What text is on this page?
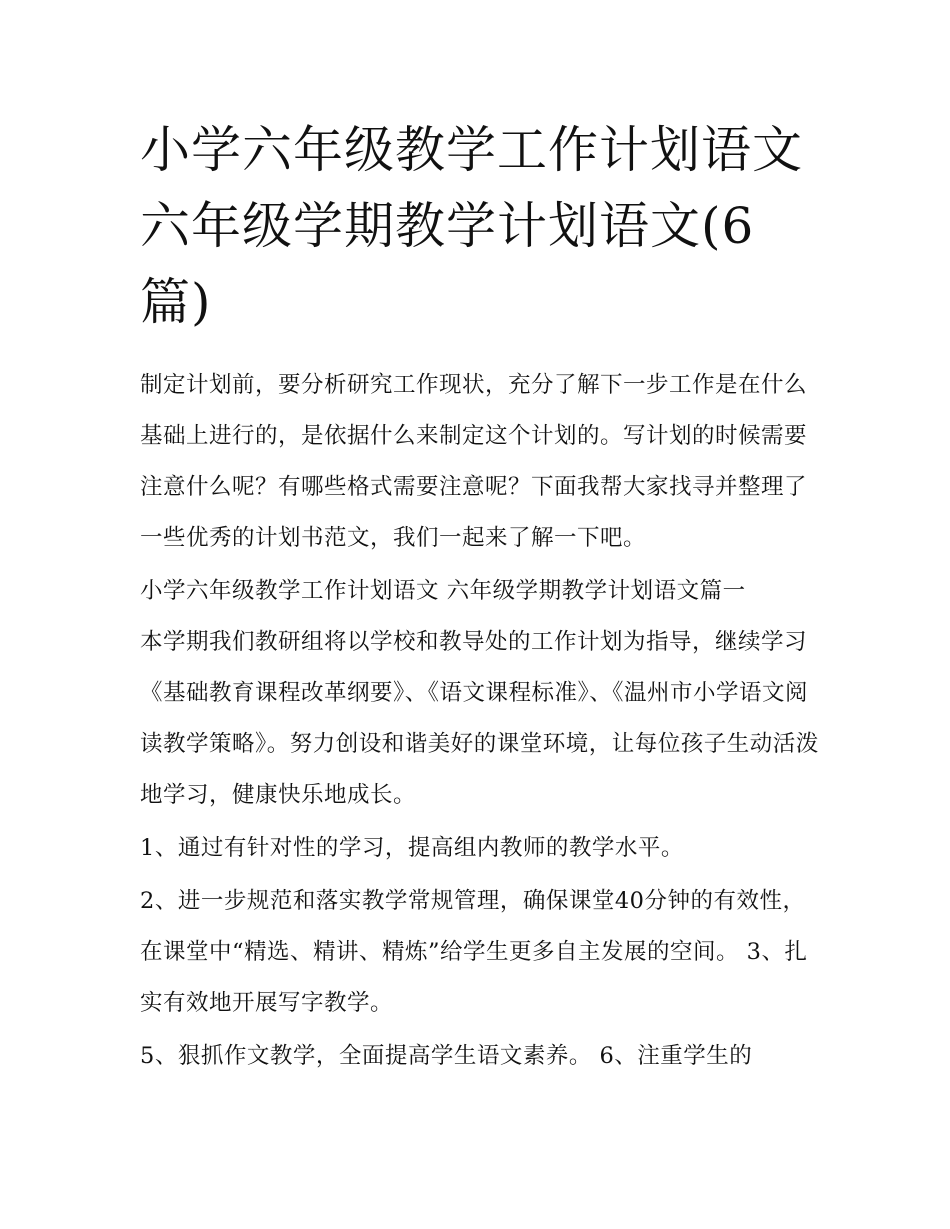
小学六年级教学工作计划语文 六年级学期教学计划语文(6篇)

制定计划前，要分析研究工作现状，充分了解下一步工作是在什么基础上进行的，是依据什么来制定这个计划的。写计划的时候需要注意什么呢？有哪些格式需要注意呢？下面我帮大家找寻并整理了一些优秀的计划书范文，我们一起来了解一下吧。

小学六年级教学工作计划语文 六年级学期教学计划语文篇一

本学期我们教研组将以学校和教导处的工作计划为指导，继续学习《基础教育课程改革纲要》、《语文课程标准》、《温州市小学语文阅读教学策略》。努力创设和谐美好的课堂环境，让每位孩子生动活泼地学习，健康快乐地成长。

1、通过有针对性的学习，提高组内教师的教学水平。

2、进一步规范和落实教学常规管理，确保课堂40分钟的有效性，在课堂中“精选、精讲、精炼”给学生更多自主发展的空间。 3、扎实有效地开展写字教学。

5、狠抓作文教学，全面提高学生语文素养。 6、注重学生的
